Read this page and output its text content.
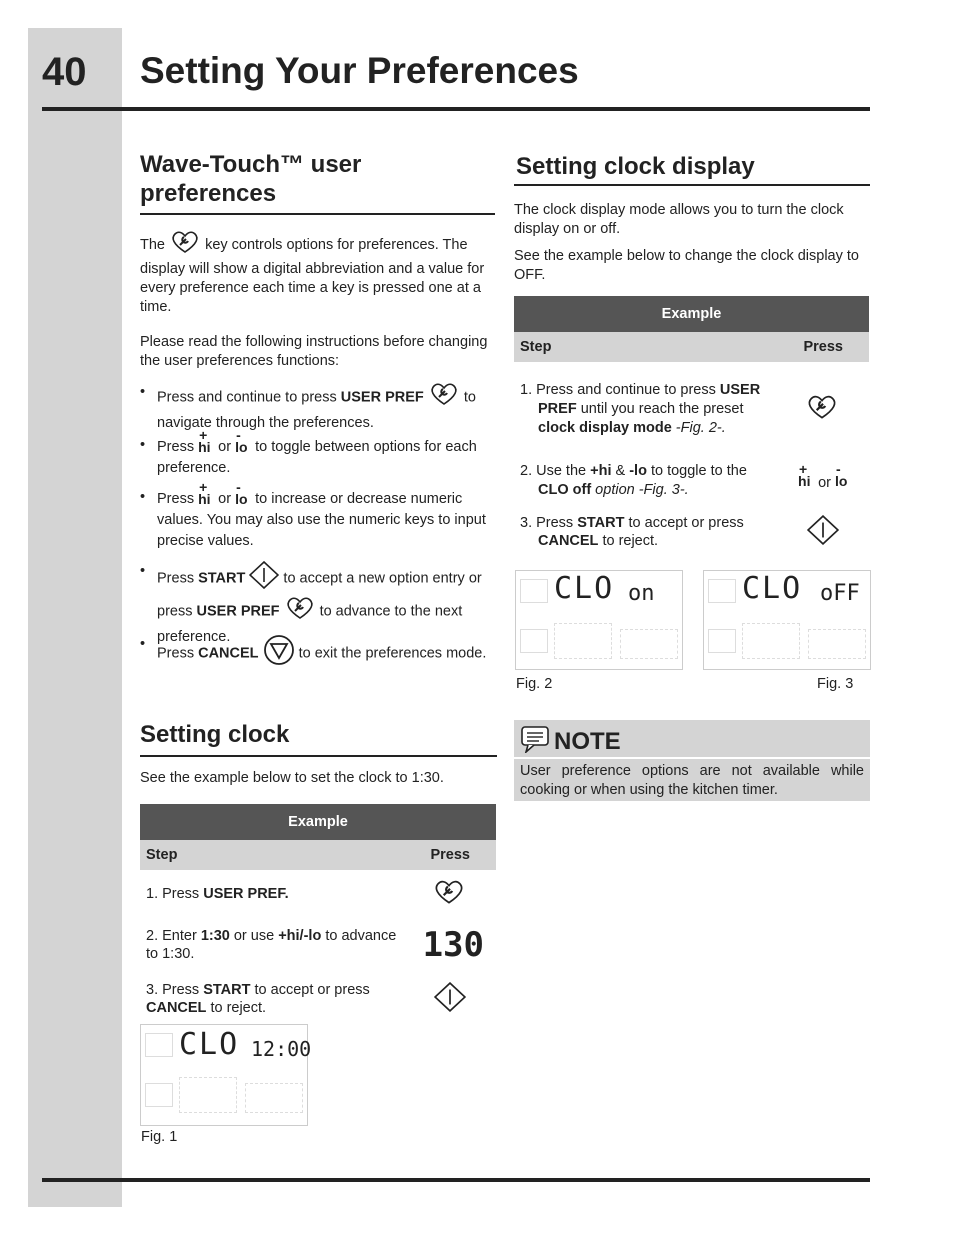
40 Setting Your Preferences
Wave-Touch™ user preferences
The	key controls options for preferences. The display will show a digital abbreviation and a value for every preference each time a key is pressed one at a time.
Please read the following instructions before changing the user preferences functions:
• Press and continue to press USER PREF	to navigate through the preferences.
• Press
+
hi or
-
lo to toggle between options for each preference.
• Press
+
hi or
-
lo to increase or decrease numeric values. You may also use the numeric keys to input precise values.
• Press START	to accept a new option entry or press USER PREF	to advance to the next preference.
•
Press CANCEL	to exit the preferences mode.
Setting clock
See the example below to set the clock to 1:30.
Example	
Step	Press
1. Press USER PREF.	
2. Enter 1:30 or use +hi/-lo to advance to 1:30.	130
3. Press START to accept or press CANCEL to reject.	
CLO 12:00
Fig. 1
Setting clock display
The clock display mode allows you to turn the clock display on or off.
See the example below to change the clock display to OFF.
Example	
Step	Press
1. Press and continue to press USER PREF until you reach the preset clock display mode -Fig. 2-.	
2. Use the +hi & -lo to toggle to the CLO off option -Fig. 3-.	+
hi or
-
lo

3. Press START to accept or press CANCEL to reject.	
CLO on	CLO oFF
Fig. 2	Fig. 3
NOTE
User preference options are not available while cooking or when using the kitchen timer.
